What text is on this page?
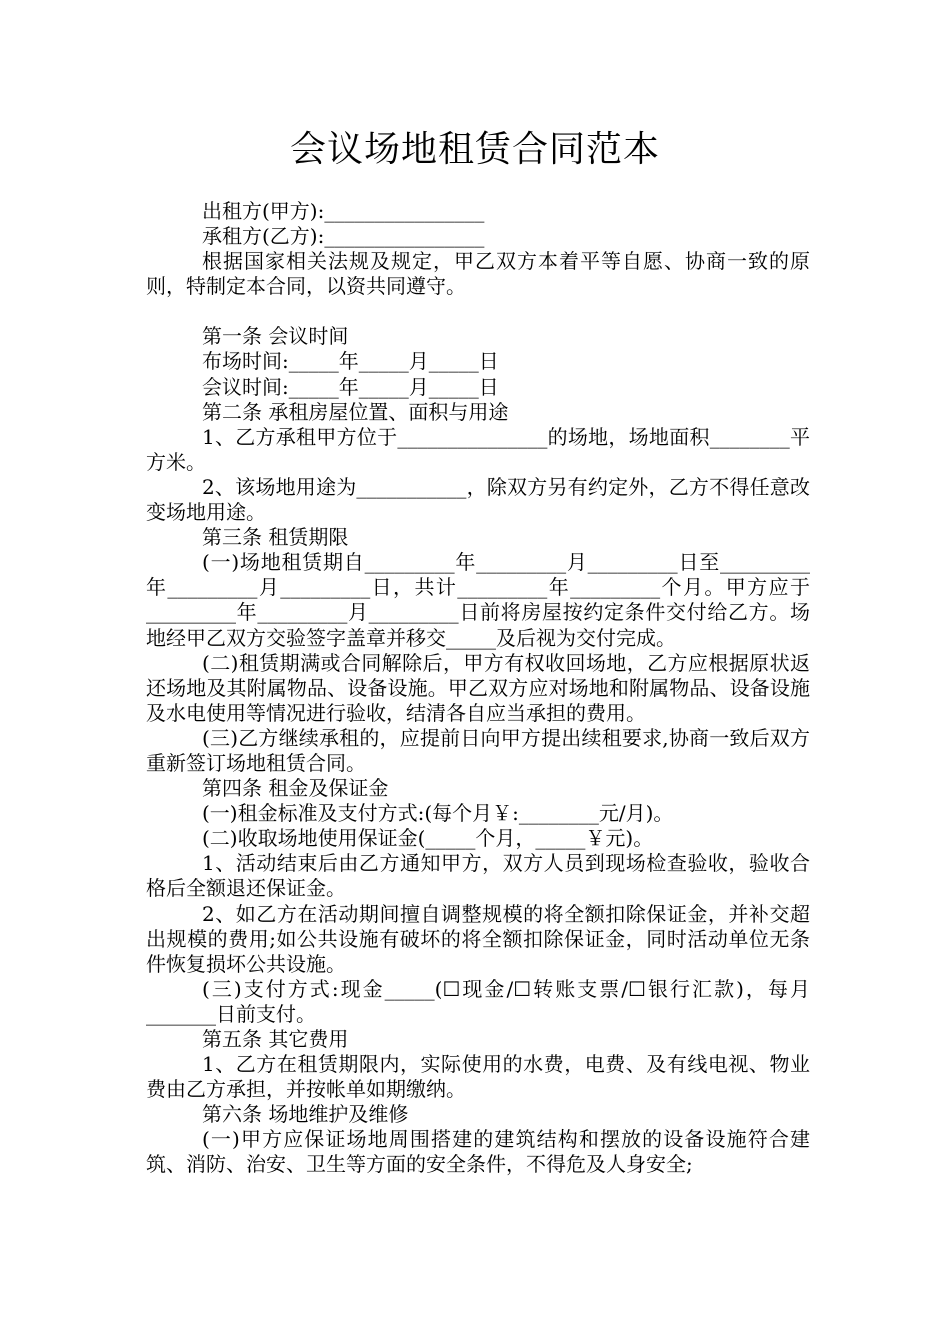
会议场地租赁合同范本

出租方(甲方):________________

承租方(乙方):________________

根据国家相关法规及规定，甲乙双方本着平等自愿、协商一致的原则，特制定本合同，以资共同遵守。

第一条 会议时间

布场时间:_____年_____月_____日

会议时间:_____年_____月_____日

第二条 承租房屋位置、面积与用途

1、乙方承租甲方位于_______________的场地，场地面积________平方米。

2、该场地用途为___________，除双方另有约定外，乙方不得任意改变场地用途。

第三条 租赁期限

(一)场地租赁期自_________年_________月_________日至_________年_________月_________日，共计_________年_________个月。甲方应于_________年_________月_________日前将房屋按约定条件交付给乙方。场地经甲乙双方交验签字盖章并移交_____及后视为交付完成。

(二)租赁期满或合同解除后，甲方有权收回场地，乙方应根据原状返还场地及其附属物品、设备设施。甲乙双方应对场地和附属物品、设备设施及水电使用等情况进行验收，结清各自应当承担的费用。

(三)乙方继续承租的，应提前日向甲方提出续租要求,协商一致后双方重新签订场地租赁合同。

第四条 租金及保证金

(一)租金标准及支付方式:(每个月￥:________元/月)。

(二)收取场地使用保证金(_____个月，_____￥元)。

1、活动结束后由乙方通知甲方，双方人员到现场检查验收，验收合格后全额退还保证金。

2、如乙方在活动期间擅自调整规模的将全额扣除保证金，并补交超出规模的费用;如公共设施有破坏的将全额扣除保证金，同时活动单位无条件恢复损坏公共设施。

(三)支付方式:现金_____(☐现金/☐转账支票/☐银行汇款)，每月_______日前支付。

第五条 其它费用

1、乙方在租赁期限内，实际使用的水费，电费、及有线电视、物业费由乙方承担，并按帐单如期缴纳。

第六条 场地维护及维修

(一)甲方应保证场地周围搭建的建筑结构和摆放的设备设施符合建筑、消防、治安、卫生等方面的安全条件，不得危及人身安全;
